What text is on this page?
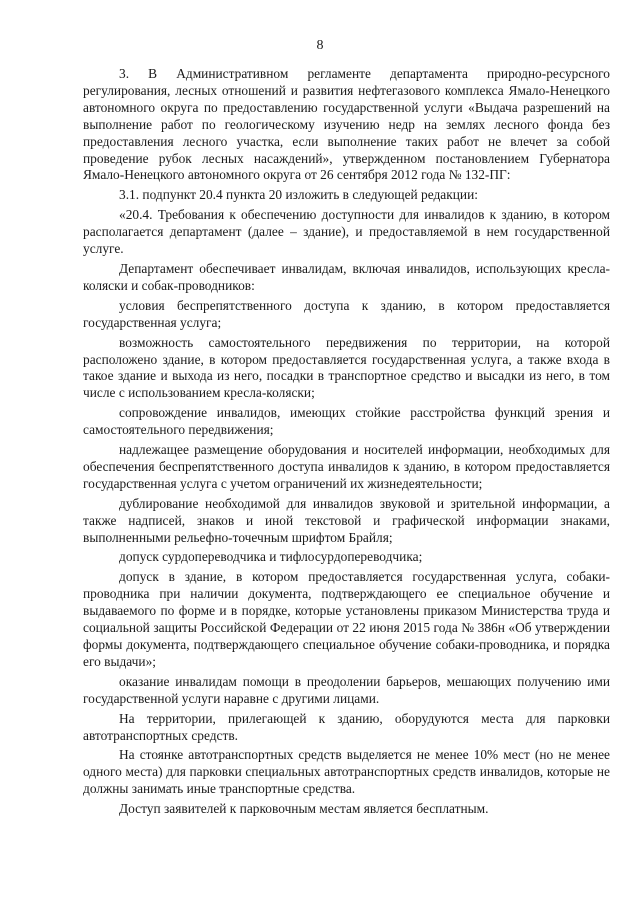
8

3. В Административном регламенте департамента природно-ресурсного регулирования, лесных отношений и развития нефтегазового комплекса Ямало-Ненецкого автономного округа по предоставлению государственной услуги «Выдача разрешений на выполнение работ по геологическому изучению недр на землях лесного фонда без предоставления лесного участка, если выполнение таких работ не влечет за собой проведение рубок лесных насаждений», утвержденном постановлением Губернатора Ямало-Ненецкого автономного округа от 26 сентября 2012 года № 132-ПГ:

3.1. подпункт 20.4 пункта 20 изложить в следующей редакции:

«20.4. Требования к обеспечению доступности для инвалидов к зданию, в котором располагается департамент (далее – здание), и предоставляемой в нем государственной услуге.

Департамент обеспечивает инвалидам, включая инвалидов, использующих кресла-коляски и собак-проводников:

условия беспрепятственного доступа к зданию, в котором предоставляется государственная услуга;

возможность самостоятельного передвижения по территории, на которой расположено здание, в котором предоставляется государственная услуга, а также входа в такое здание и выхода из него, посадки в транспортное средство и высадки из него, в том числе с использованием кресла-коляски;

сопровождение инвалидов, имеющих стойкие расстройства функций зрения и самостоятельного передвижения;

надлежащее размещение оборудования и носителей информации, необходимых для обеспечения беспрепятственного доступа инвалидов к зданию, в котором предоставляется государственная услуга с учетом ограничений их жизнедеятельности;

дублирование необходимой для инвалидов звуковой и зрительной информации, а также надписей, знаков и иной текстовой и графической информации знаками, выполненными рельефно-точечным шрифтом Брайля;

допуск сурдопереводчика и тифлосурдопереводчика;

допуск в здание, в котором предоставляется государственная услуга, собаки-проводника при наличии документа, подтверждающего ее специальное обучение и выдаваемого по форме и в порядке, которые установлены приказом Министерства труда и социальной защиты Российской Федерации от 22 июня 2015 года № 386н «Об утверждении формы документа, подтверждающего специальное обучение собаки-проводника, и порядка его выдачи»;

оказание инвалидам помощи в преодолении барьеров, мешающих получению ими государственной услуги наравне с другими лицами.

На территории, прилегающей к зданию, оборудуются места для парковки автотранспортных средств.

На стоянке автотранспортных средств выделяется не менее 10% мест (но не менее одного места) для парковки специальных автотранспортных средств инвалидов, которые не должны занимать иные транспортные средства.

Доступ заявителей к парковочным местам является бесплатным.
